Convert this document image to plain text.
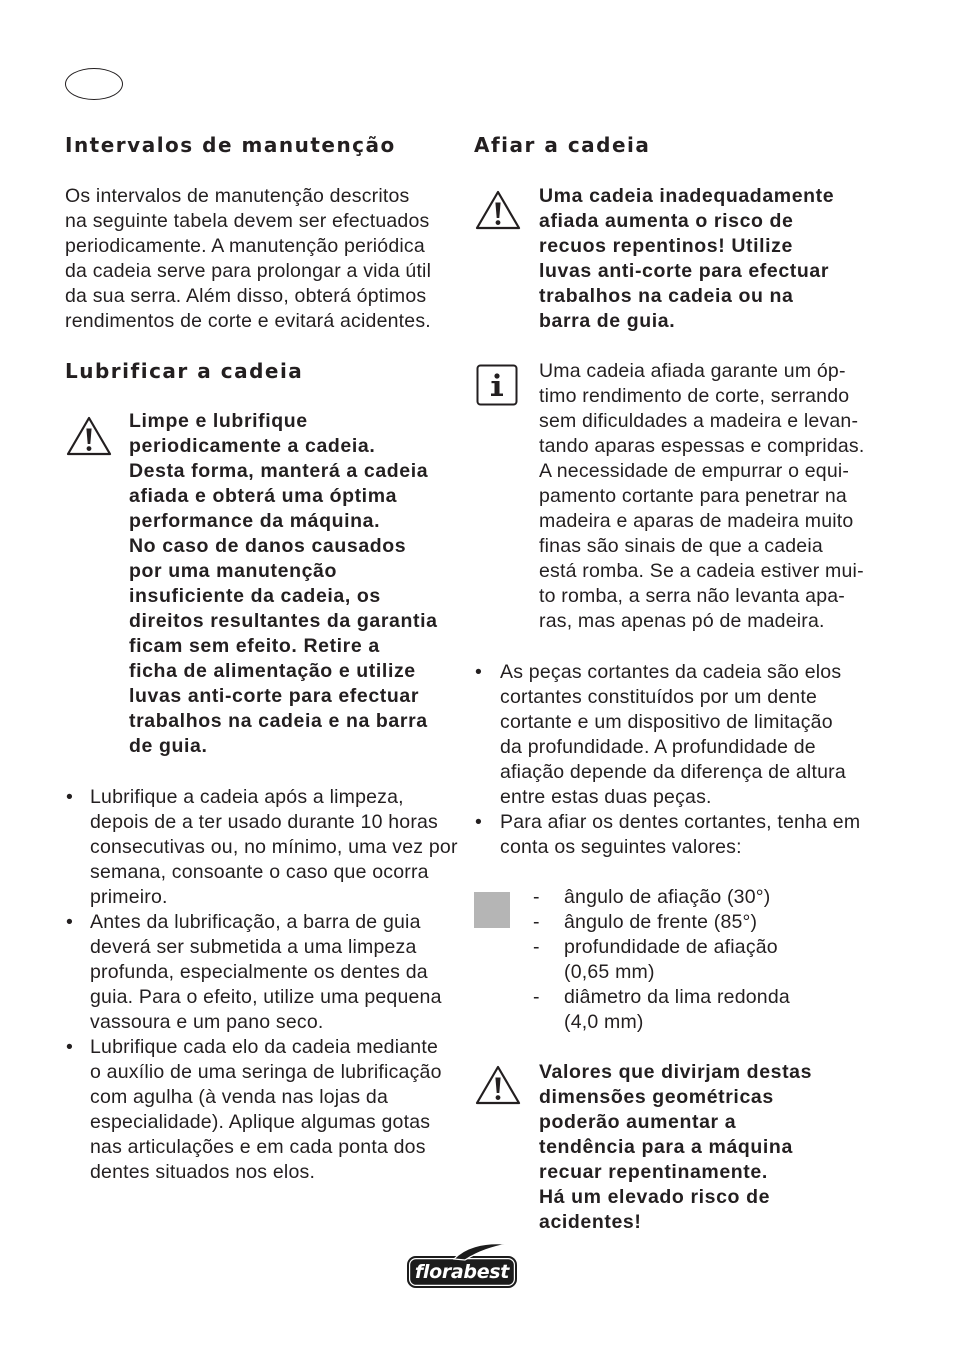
Intervalos de manutenção

Os intervalos de manutenção descritos
na seguinte tabela devem ser efectuados
periodicamente. A manutenção periódica
da cadeia serve para prolongar a vida útil
da sua serra. Além disso, obterá óptimos
rendimentos de corte e evitará acidentes.

Lubrificar a cadeia

Limpe e lubrifique
periodicamente a cadeia.
Desta forma, manterá a cadeia
afiada e obterá uma óptima
performance da máquina.
No caso de danos causados
por uma manutenção
insuficiente da cadeia, os
direitos resultantes da garantia
ficam sem efeito. Retire a
ficha de alimentação e utilize
luvas anti-corte para efectuar
trabalhos na cadeia e na barra
de guia.

• Lubrifique a cadeia após a limpeza,
depois de a ter usado durante 10 horas
consecutivas ou, no mínimo, uma vez por
semana, consoante o caso que ocorra
primeiro.
• Antes da lubrificação, a barra de guia
deverá ser submetida a uma limpeza
profunda, especialmente os dentes da
guia. Para o efeito, utilize uma pequena
vassoura e um pano seco.
• Lubrifique cada elo da cadeia mediante
o auxílio de uma seringa de lubrificação
com agulha (à venda nas lojas da
especialidade). Aplique algumas gotas
nas articulações e em cada ponta dos
dentes situados nos elos.
Afiar a cadeia

Uma cadeia inadequadamente
afiada aumenta o risco de
recuos repentinos! Utilize
luvas anti-corte para efectuar
trabalhos na cadeia ou na
barra de guia.

Uma cadeia afiada garante um óp-
timo rendimento de corte, serrando
sem dificuldades a madeira e levan-
tando aparas espessas e compridas.
A necessidade de empurrar o equi-
pamento cortante para penetrar na
madeira e aparas de madeira muito
finas são sinais de que a cadeia
está romba. Se a cadeia estiver mui-
to romba, a serra não levanta apa-
ras, mas apenas pó de madeira.

• As peças cortantes da cadeia são elos
cortantes constituídos por um dente
cortante e um dispositivo de limitação
da profundidade. A profundidade de
afiação depende da diferença de altura
entre estas duas peças.
• Para afiar os dentes cortantes, tenha em
conta os seguintes valores:
- ângulo de afiação (30°)
- ângulo de frente (85°)
- profundidade de afiação
(0,65 mm)
- diâmetro da lima redonda
(4,0 mm)

Valores que divirjam destas
dimensões geométricas
poderão aumentar a
tendência para a máquina
recuar repentinamente.
Há um elevado risco de
acidentes!

florabest
